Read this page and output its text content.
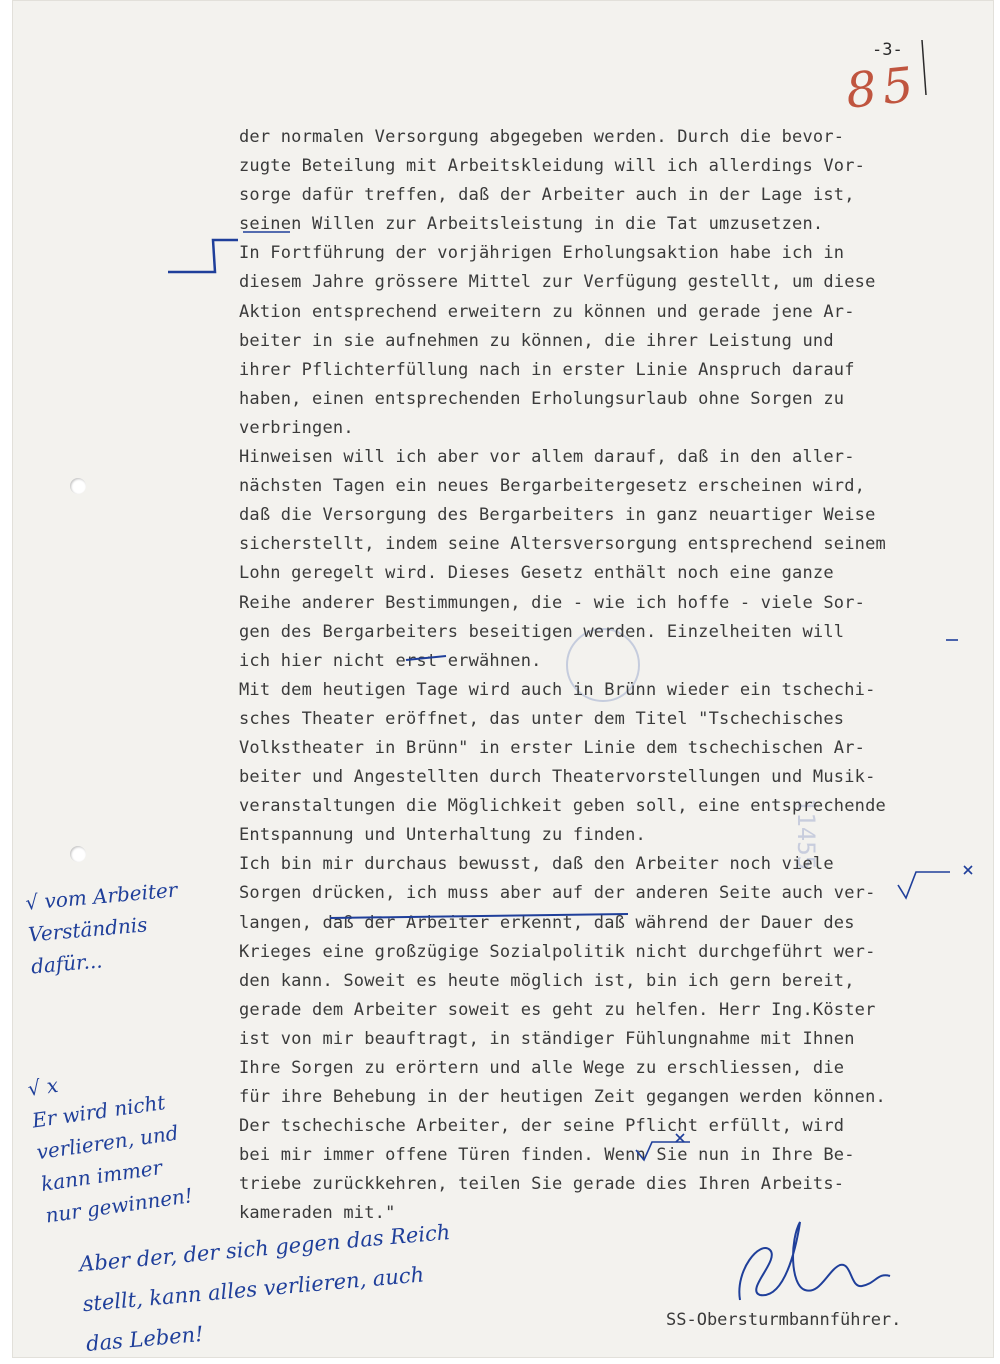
-3-
85
11455
der normalen Versorgung abgegeben werden. Durch die bevor-
zugte Beteilung mit Arbeitskleidung will ich allerdings Vor-
sorge dafür treffen, daß der Arbeiter auch in der Lage ist,
seinen Willen zur Arbeitsleistung in die Tat umzusetzen.
In Fortführung der vorjährigen Erholungsaktion habe ich in
diesem Jahre grössere Mittel zur Verfügung gestellt, um diese
Aktion entsprechend erweitern zu können und gerade jene Ar-
beiter in sie aufnehmen zu können, die ihrer Leistung und
ihrer Pflichterfüllung nach in erster Linie Anspruch darauf
haben, einen entsprechenden Erholungsurlaub ohne Sorgen zu
verbringen.
Hinweisen will ich aber vor allem darauf, daß in den aller-
nächsten Tagen ein neues Bergarbeitergesetz erscheinen wird,
daß die Versorgung des Bergarbeiters in ganz neuartiger Weise
sicherstellt, indem seine Altersversorgung entsprechend seinem
Lohn geregelt wird. Dieses Gesetz enthält noch eine ganze
Reihe anderer Bestimmungen, die - wie ich hoffe - viele Sor-
gen des Bergarbeiters beseitigen werden. Einzelheiten will
ich hier nicht erst erwähnen.
Mit dem heutigen Tage wird auch in Brünn wieder ein tschechi-
sches Theater eröffnet, das unter dem Titel "Tschechisches
Volkstheater in Brünn" in erster Linie dem tschechischen Ar-
beiter und Angestellten durch Theatervorstellungen und Musik-
veranstaltungen die Möglichkeit geben soll, eine entsprechende
Entspannung und Unterhaltung zu finden.
Ich bin mir durchaus bewusst, daß den Arbeiter noch viele
Sorgen drücken, ich muss aber auf der anderen Seite auch ver-
langen, daß der Arbeiter erkennt, daß während der Dauer des
Krieges eine großzügige Sozialpolitik nicht durchgeführt wer-
den kann. Soweit es heute möglich ist, bin ich gern bereit,
gerade dem Arbeiter soweit es geht zu helfen. Herr Ing.Köster
ist von mir beauftragt, in ständiger Fühlungnahme mit Ihnen
Ihre Sorgen zu erörtern und alle Wege zu erschliessen, die
für ihre Behebung in der heutigen Zeit gegangen werden können.
Der tschechische Arbeiter, der seine Pflicht erfüllt, wird
bei mir immer offene Türen finden. Wenn Sie nun in Ihre Be-
triebe zurückkehren, teilen Sie gerade dies Ihren Arbeits-
kameraden mit."
SS-Obersturmbannführer.
√ vom Arbeiter
Verständnis
dafür...
√ x
Er wird nicht
verlieren, und
kann immer
nur gewinnen!
Aber der, der sich gegen das Reich
stellt, kann alles verlieren, auch
das Leben!
